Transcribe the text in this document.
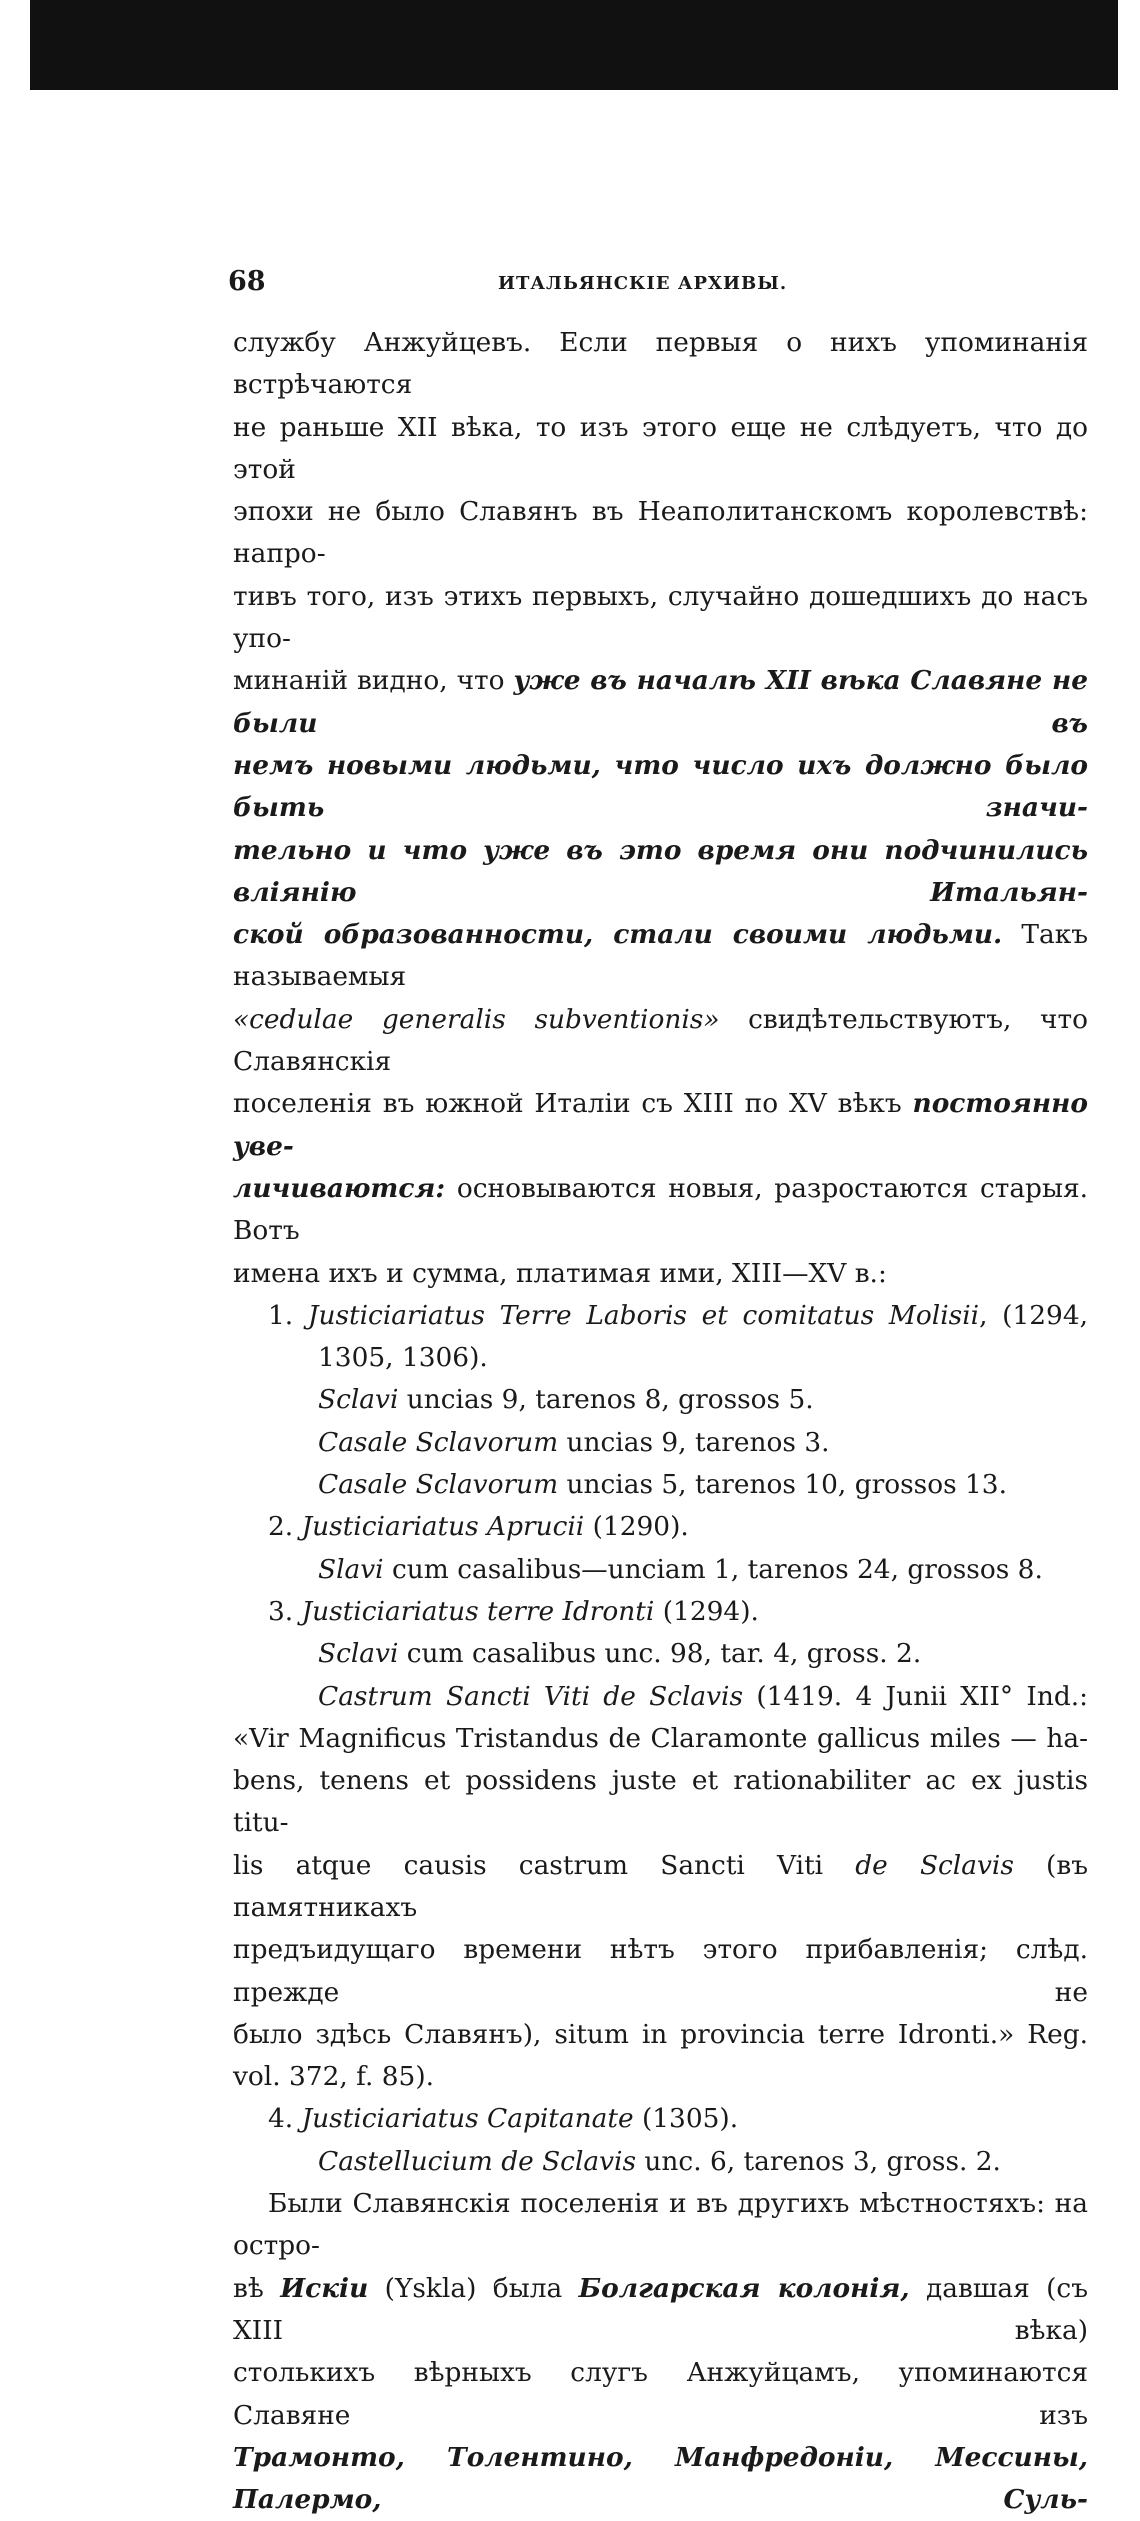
68	ИТАЛЬЯНСКІЕ АРХИВЫ.

службу Анжуйцевъ. Если первыя о нихъ упоминанія встрѣчаются

не раньше XII вѣка, то изъ этого еще не слѣдуетъ, что до этой

эпохи не было Славянъ въ Неаполитанскомъ королевствѣ: напро-

тивъ того, изъ этихъ первыхъ, случайно дошедшихъ до насъ упо-

минаній видно, что уже въ началѣ XII вѣка Славяне не были въ

немъ новыми людьми, что число ихъ должно было быть значи-

тельно и что уже въ это время они подчинились вліянію Итальян-

ской образованности, стали своими людьми. Такъ называемыя

«cedulae generalis subventionis» свидѣтельствуютъ, что Славянскія

поселенія въ южной Италіи съ XIII по XV вѣкъ постоянно уве-

личиваются: основываются новыя, разростаются старыя. Вотъ

имена ихъ и сумма, платимая ими, XIII—XV в.:

1. Justiciariatus Terre Laboris et comitatus Molisii, (1294,

1305, 1306).

Sclavi uncias 9, tarenos 8, grossos 5.

Casale Sclavorum uncias 9, tarenos 3.

Casale Sclavorum uncias 5, tarenos 10, grossos 13.

2. Justiciariatus Aprucii (1290).

Slavi cum casalibus—unciam 1, tarenos 24, grossos 8.

3. Justiciariatus terre Idronti (1294).

Sclavi cum casalibus unc. 98, tar. 4, gross. 2.

Castrum Sancti Viti de Sclavis (1419. 4 Junii XII° Ind.:

«Vir Magnificus Tristandus de Claramonte gallicus miles — ha-

bens, tenens et possidens juste et rationabiliter ac ex justis titu-

lis atque causis castrum Sancti Viti de Sclavis (въ памятникахъ

предъидущаго времени нѣтъ этого прибавленія; слѣд. прежде не

было здѣсь Славянъ), situm in provincia terre Idronti.» Reg.

vol. 372, f. 85).

4. Justiciariatus Capitanate (1305).

Castellucium de Sclavis unc. 6, tarenos 3, gross. 2.

Были Славянскія поселенія и въ другихъ мѣстностяхъ: на остро-

вѣ Искіи (Yskla) была Болгарская колонія, давшая (съ XIII вѣка)

столькихъ вѣрныхъ слугъ Анжуйцамъ, упоминаются Славяне изъ

Трамонто, Толентино, Манфредоніи, Мессины, Палермо, Суль-
